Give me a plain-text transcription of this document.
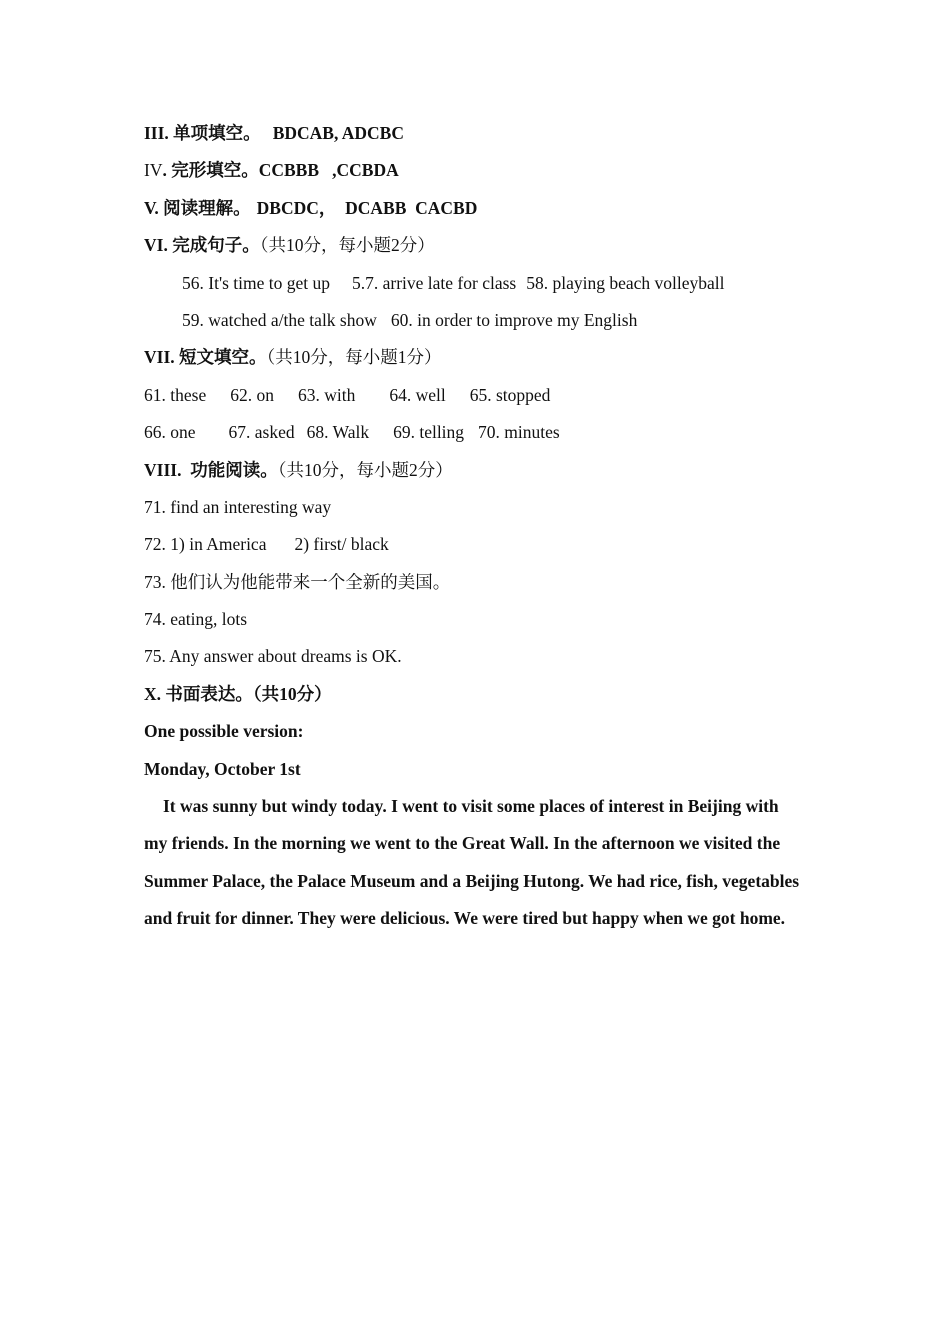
III. 单项填空。 BDCAB, ADCBC
IV. 完形填空。CCBBB   ,CCBDA
V. 阅读理解。 DBCDC，  DCABB  CACBD
VI. 完成句子。（共10分，每小题2分）
56. It's time to get up 5.7. arrive late for class 58. playing beach volleyball
59. watched a/the talk show 60. in order to improve my English
VII. 短文填空。（共10分，每小题1分）
61. these 62. on 63. with 64. well 65. stopped
66. one 67. asked 68. Walk 69. telling 70. minutes
VIII.  功能阅读。（共10分，每小题2分）
71. find an interesting way
72. 1) in America 2) first/ black
73. 他们认为他能带来一个全新的美国。
74. eating, lots
75. Any answer about dreams is OK.
X. 书面表达。（共10分）
One possible version:
Monday, October 1st

It was sunny but windy today. I went to visit some places of interest in Beijing with my friends. In the morning we went to the Great Wall. In the afternoon we visited the Summer Palace, the Palace Museum and a Beijing Hutong. We had rice, fish, vegetables and fruit for dinner. They were delicious. We were tired but happy when we got home.
